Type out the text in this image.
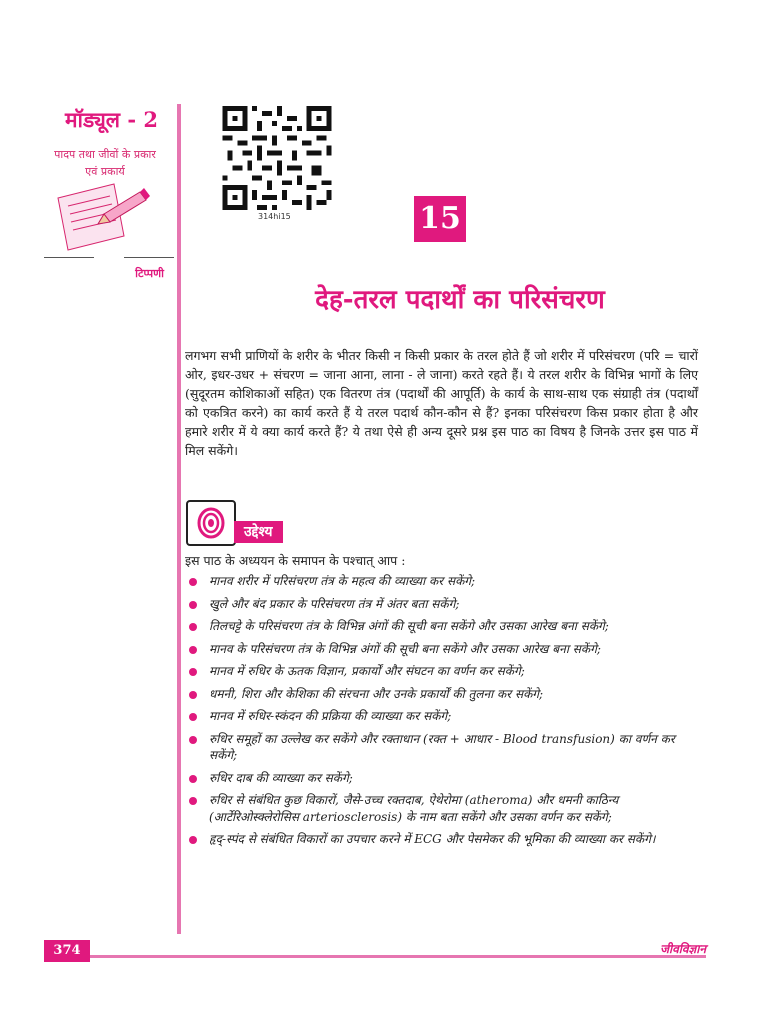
मॉड्यूल - 2
पादप तथा जीवों के प्रकार
एवं प्रकार्य
टिप्पणी
314hi15	15
देह-तरल पदार्थों का परिसंचरण
लगभग सभी प्राणियों के शरीर के भीतर किसी न किसी प्रकार के तरल होते हैं जो शरीर में परिसंचरण (परि = चारों ओर, इधर-उधर + संचरण = जाना आना, लाना - ले जाना) करते रहते हैं। ये तरल शरीर के विभिन्न भागों के लिए (सुदूरतम कोशिकाओं सहित) एक वितरण तंत्र (पदार्थों की आपूर्ति) के कार्य के साथ-साथ एक संग्राही तंत्र (पदार्थों को एकत्रित करने) का कार्य करते हैं ये तरल पदार्थ कौन-कौन से हैं? इनका परिसंचरण किस प्रकार होता है और हमारे शरीर में ये क्या कार्य करते हैं? ये तथा ऐसे ही अन्य दूसरे प्रश्न इस पाठ का विषय है जिनके उत्तर इस पाठ में मिल सकेंगे।
उद्देश्य
इस पाठ के अध्ययन के समापन के पश्चात् आप :
मानव शरीर में परिसंचरण तंत्र के महत्व की व्याख्या कर सकेंगे;
खुले और बंद प्रकार के परिसंचरण तंत्र में अंतर बता सकेंगे;
तिलचट्टे के परिसंचरण तंत्र के विभिन्न अंगों की सूची बना सकेंगे और उसका आरेख बना सकेंगे;
मानव के परिसंचरण तंत्र के विभिन्न अंगों की सूची बना सकेंगे और उसका आरेख बना सकेंगे;
मानव में रुधिर के ऊतक विज्ञान, प्रकार्यों और संघटन का वर्णन कर सकेंगे;
धमनी, शिरा और केशिका की संरचना और उनके प्रकार्यों की तुलना कर सकेंगे;
मानव में रुधिर-स्कंदन की प्रक्रिया की व्याख्या कर सकेंगे;
रुधिर समूहों का उल्लेख कर सकेंगे और रक्ताधान (रक्त + आधार - Blood transfusion) का वर्णन कर सकेंगे;
रुधिर दाब की व्याख्या कर सकेंगे;
रुधिर से संबंधित कुछ विकारों, जैसे-उच्च रक्तदाब, ऐथेरोमा (atheroma) और धमनी काठिन्य (आर्टेरिओस्क्लेरोसिस arteriosclerosis) के नाम बता सकेंगे और उसका वर्णन कर सकेंगे;
हृद्-स्पंद से संबंधित विकारों का उपचार करने में ECG और पेसमेकर की भूमिका की व्याख्या कर सकेंगे।
374	जीवविज्ञान
